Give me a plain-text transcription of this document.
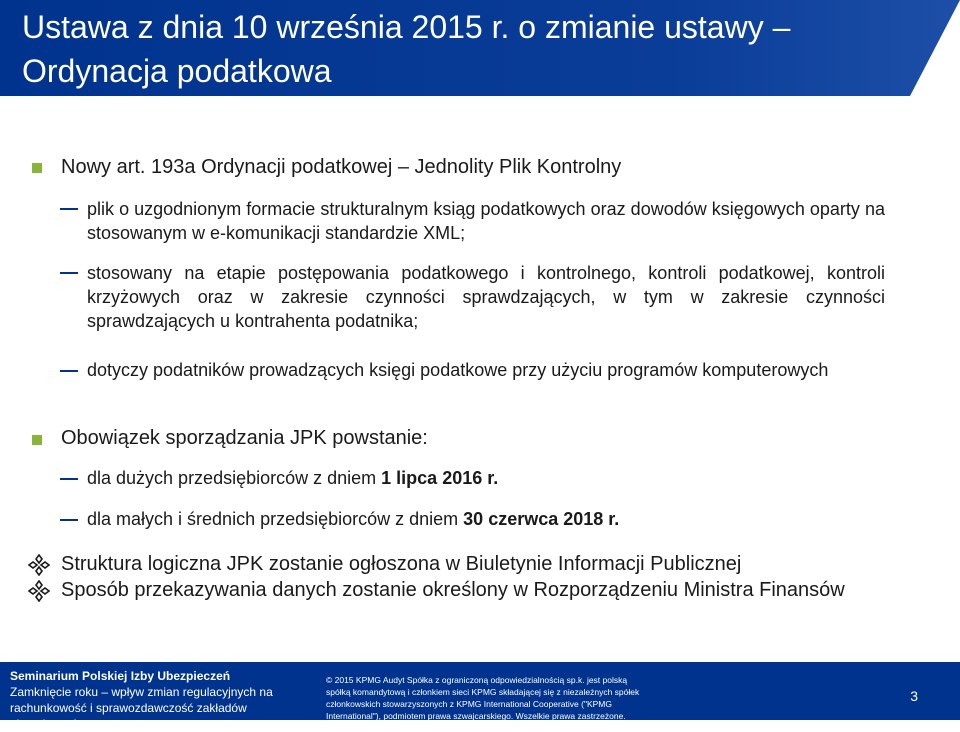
Ustawa z dnia 10 września 2015 r. o zmianie ustawy – Ordynacja podatkowa

Nowy art. 193a Ordynacji podatkowej – Jednolity Plik Kontrolny

plik o uzgodnionym formacie strukturalnym ksiąg podatkowych oraz dowodów księgowych oparty na stosowanym w e-komunikacji standardzie XML;

stosowany na etapie postępowania podatkowego i kontrolnego, kontroli podatkowej, kontroli krzyżowych oraz w zakresie czynności sprawdzających, w tym w zakresie czynności sprawdzających u kontrahenta podatnika;

dotyczy podatników prowadzących księgi podatkowe przy użyciu programów komputerowych

Obowiązek sporządzania JPK powstanie:

dla dużych przedsiębiorców z dniem 1 lipca 2016 r.

dla małych i średnich przedsiębiorców z dniem 30 czerwca 2018 r.

Struktura logiczna JPK zostanie ogłoszona w Biuletynie Informacji Publicznej

Sposób przekazywania danych zostanie określony w Rozporządzeniu Ministra Finansów

Seminarium Polskiej Izby Ubezpieczeń
Zamknięcie roku – wpływ zmian regulacyjnych na
rachunkowość i sprawozdawczość zakładów ubezpieczeń
© 2015 KPMG Audyt Spółka z ograniczoną odpowiedzialnością sp.k. jest polską
spółką komandytową i członkiem sieci KPMG składającej się z niezależnych spółek
członkowskich stowarzyszonych z KPMG International Cooperative ("KPMG
International"), podmiotem prawa szwajcarskiego. Wszelkie prawa zastrzeżone.
3
